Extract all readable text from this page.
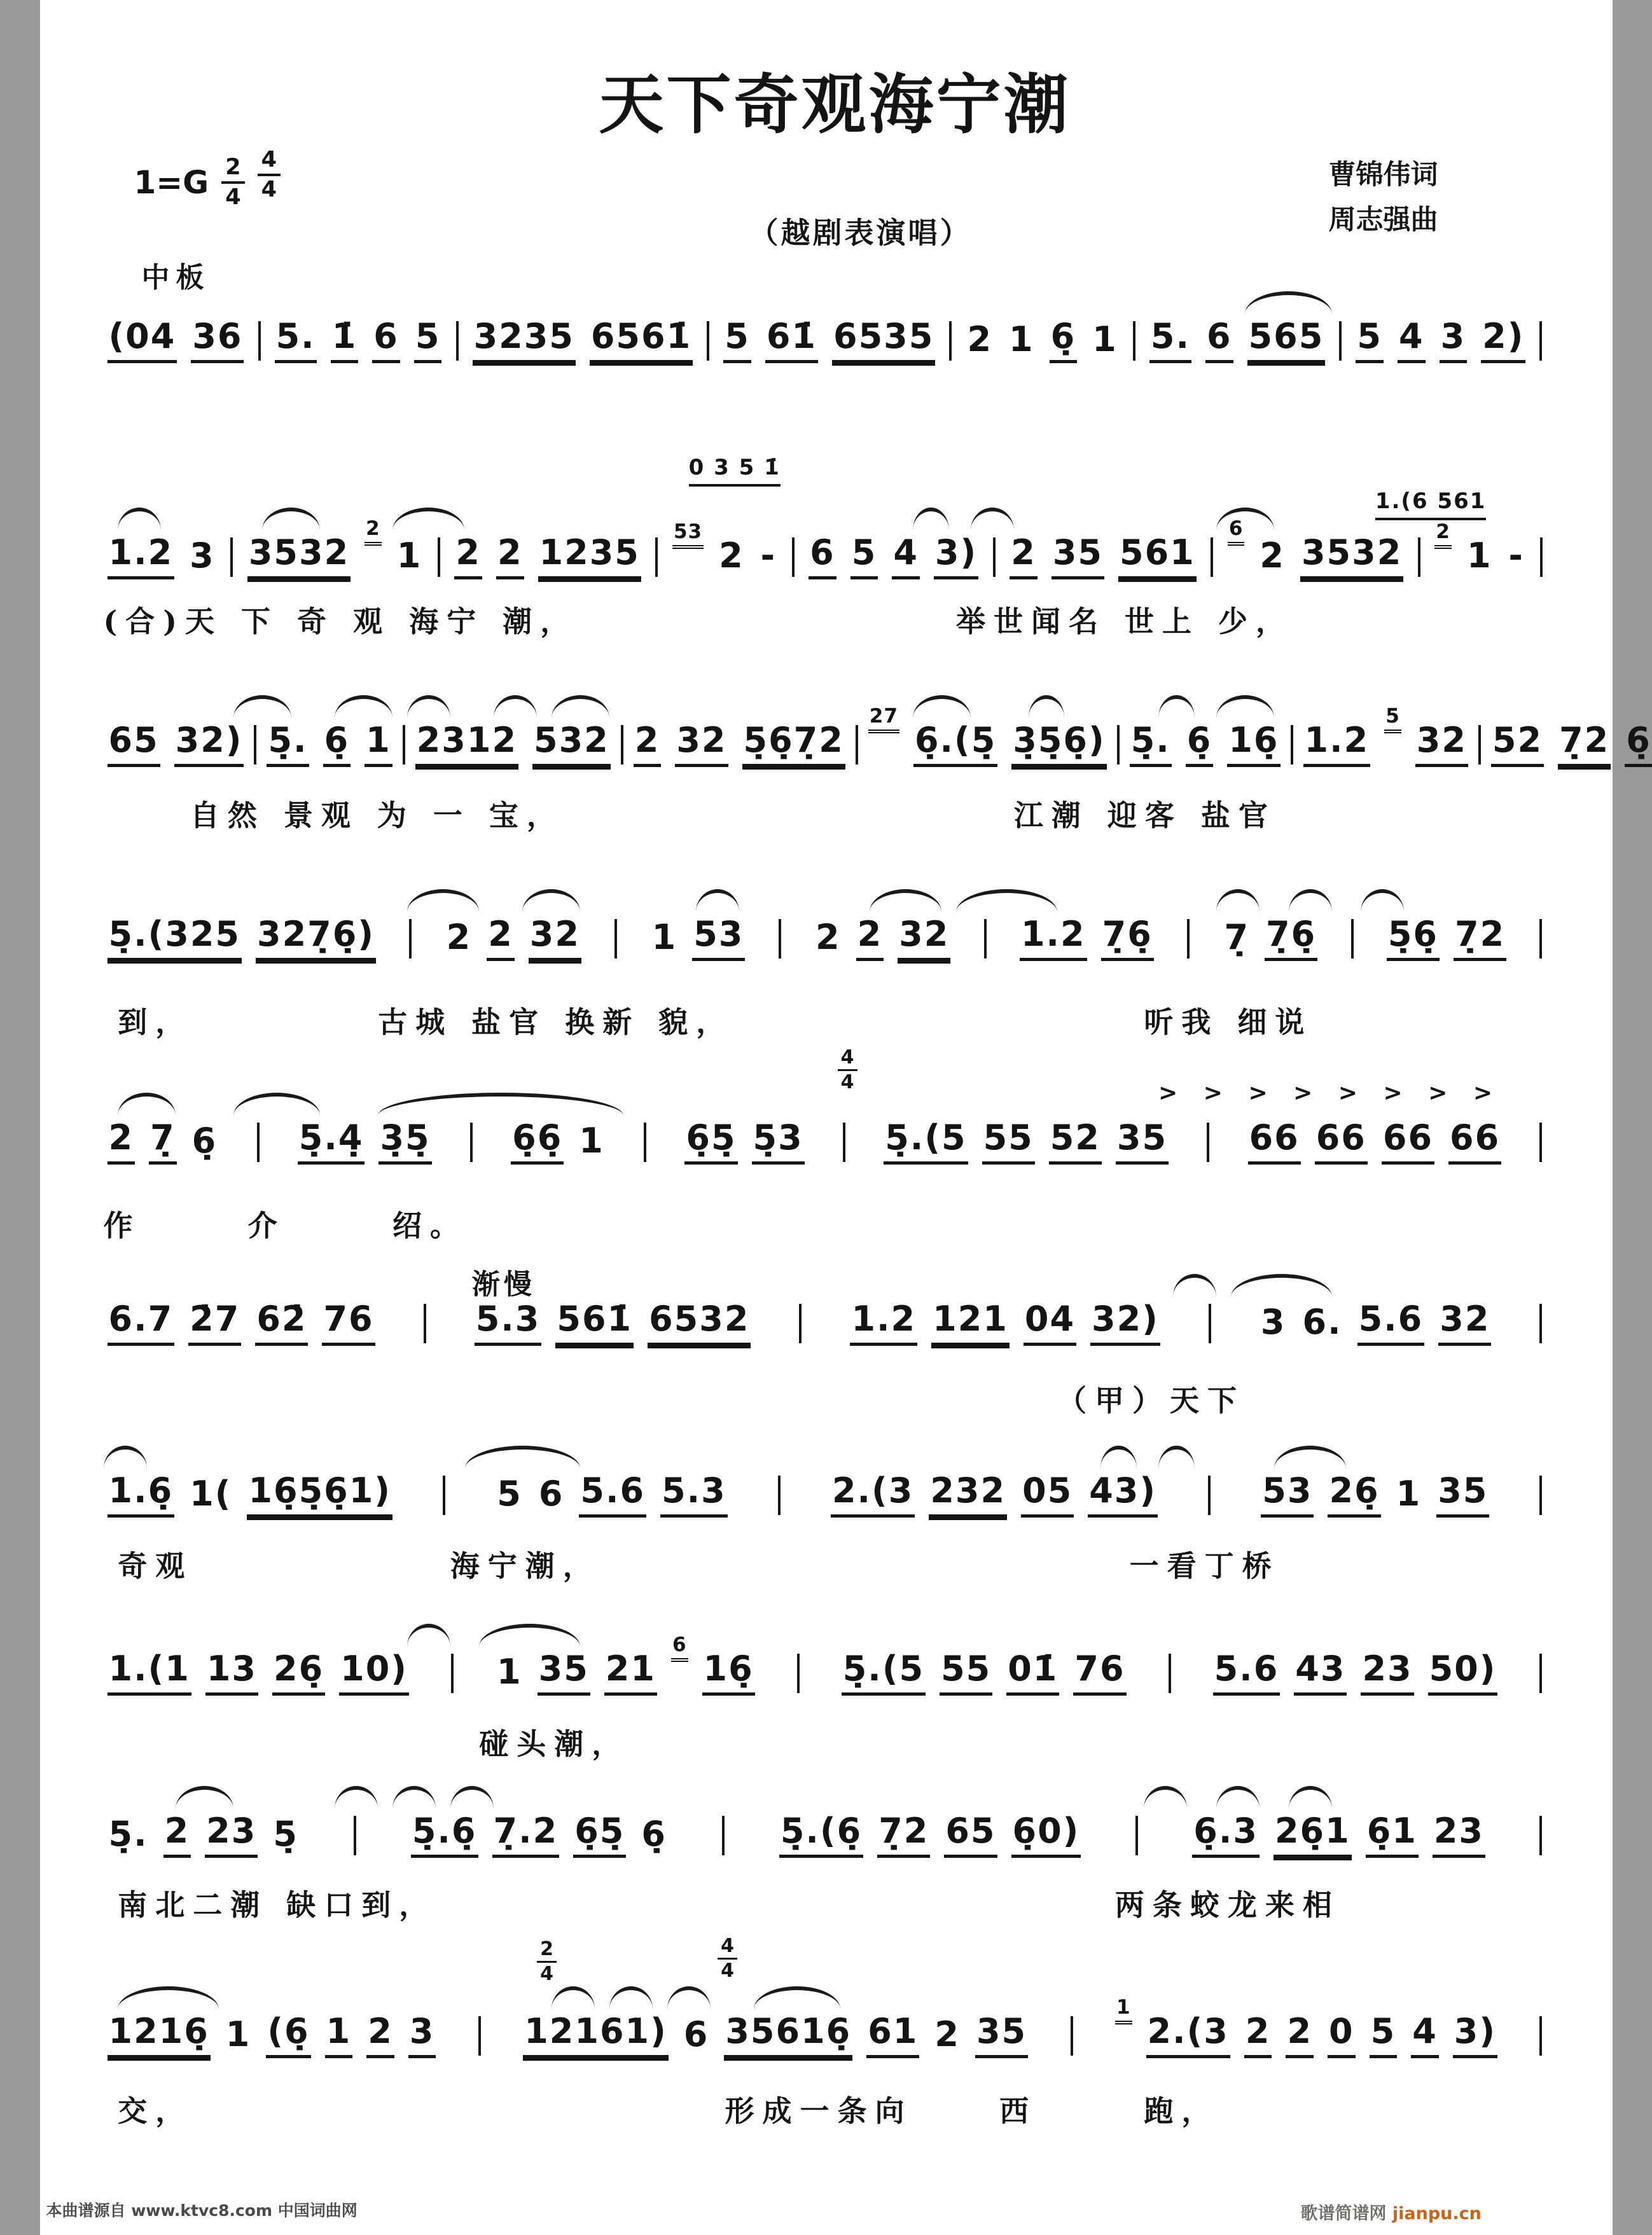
$1=G \frac{2}{4} \frac{4}{4}$
天下奇观海宁潮
（越剧表演唱）
曹锦伟词
周志强曲
中板
(04 36 5. 1̇ 6 5 3235 6561̇ 5 61̇ 6535 2 1 6̣ 1 5. 6 565 5 4 3 2)
0 3 5 1̇
1.(6 561
1.2 3 3532
2
1 2 2 1235
53
2 - 6 5 4 3) 2 35 561
6
2 3532
2
1 -
(合)天 下 奇 观 海宁 潮，	举世闻名 世上 少，
65 32) 5̣. 6̣ 1 2312 532 2 32 5̣6̣7̣2
27
6̣.(5̣ 3̣5̣6̣) 5̣. 6̣ 16̣ 1.2
5
32 52 7̣2 6̣
自然 景观 为 一 宝，	江潮 迎客 盐官
5̣.(325 327̣6̣) 2 2 32 1 53 2 2 32 1.2 7̣6̣ 7̣ 7̣6̣ 5̣6̣ 7̣2
到，	古城 盐官 换新 貌，	听我 细说
$\frac{4}{4}$
> > > > > > > >
2 7̣ 6̣ 5̣.4̣ 3̣5̣ 6̣6̣ 1 6̣5̣ 5̣3 5̣.(5 55 52 35 66 66 66 66
作	介	绍。
渐慢
6.7 2̇7 62̇ 76	5.3 561̇ 6532	1.2 121 04 32)	3 6. 5.6 32
（甲）天下
1.6̣ 1( 16̣5̣6̣1)	5 6 5.6 5.3	2.(3 232 05 43)	53 26̣ 1 35
奇观	海宁潮，	一看丁桥
1.(1 13 26̣ 10)	1 35 21
6
16̣	5̣.(5 55 01̇ 76	5.6 43 23 50)
碰头潮，
5̣. 2 23 5̣	5̣.6̣ 7̣.2 6̣5̣ 6̣	5̣.(6̣ 7̣2 65 6̣0)	6̣.3 26̣1 6̣1 23
南北二潮 缺口到，	两条蛟龙来相
$\frac{2}{4}$	$\frac{4}{4}$
1216̣ 1 (6̣ 1 2 3	12161) 6 35616̣ 61 2 35
1
2.(3 2 2 0 5 4 3)
交，	形成一条向	西	跑，
本曲谱源自 www.ktvc8.com 中国词曲网	歌谱简谱网 jianpu.cn
